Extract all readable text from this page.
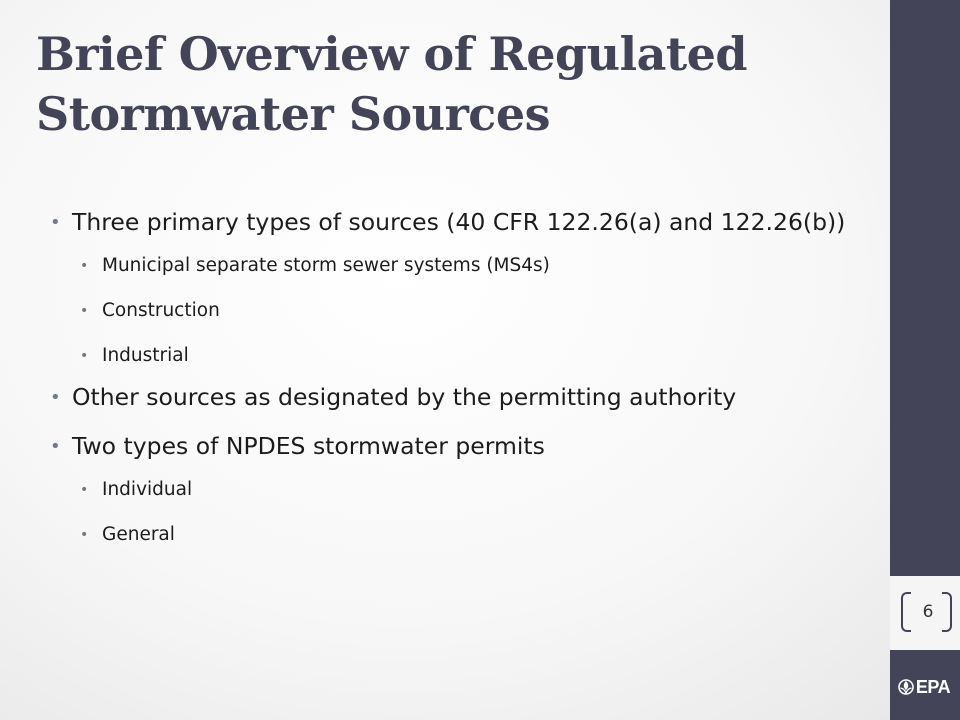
Brief Overview of Regulated Stormwater Sources
• Three primary types of sources (40 CFR 122.26(a) and 122.26(b))
• Municipal separate storm sewer systems (MS4s)
• Construction
• Industrial
• Other sources as designated by the permitting authority
• Two types of NPDES stormwater permits
• Individual
• General
6
EPA
